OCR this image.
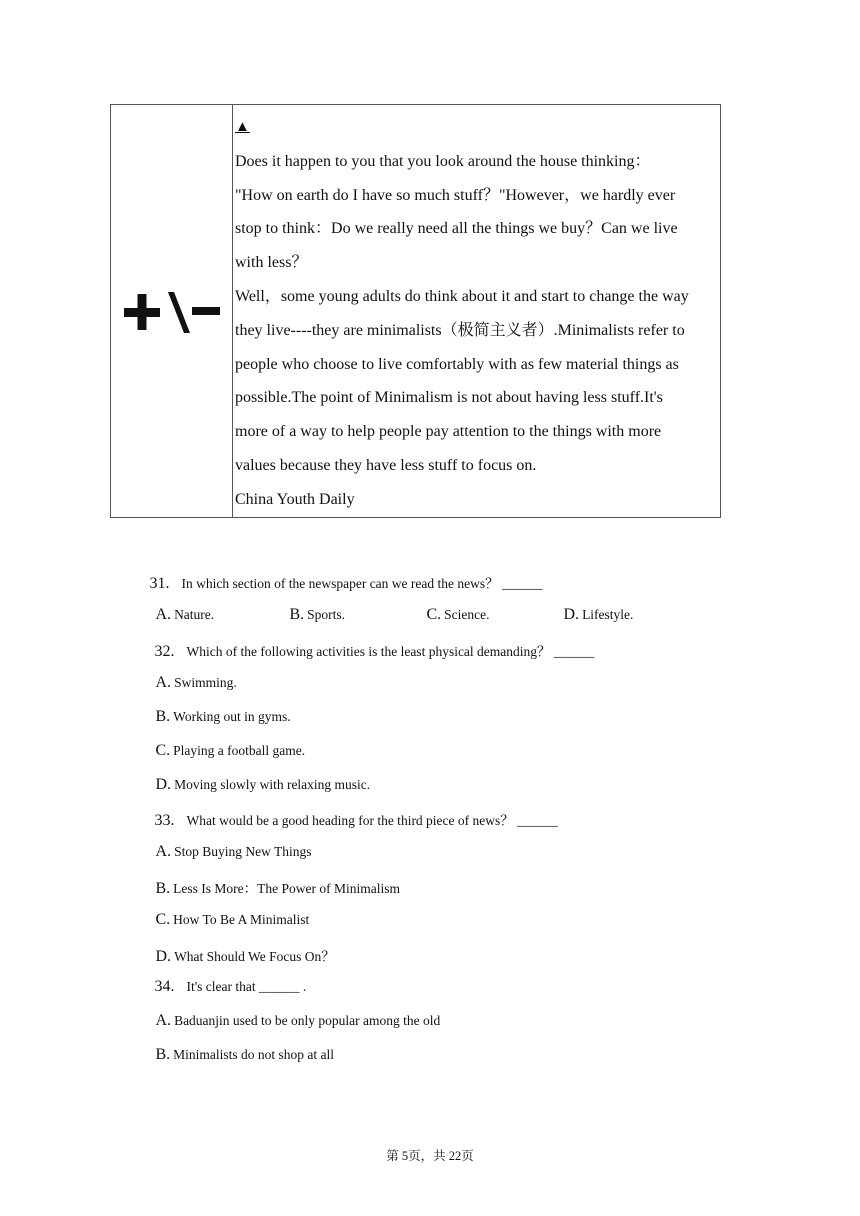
▲

Does it happen to you that you look around the house thinking：

"How on earth do I have so much stuff？"However，we hardly ever

stop to think：Do we really need all the things we buy？Can we live

with less？

Well，some young adults do think about it and start to change the way

they live----they are minimalists（极简主义者）.Minimalists refer to

people who choose to live comfortably with as few material things as

possible.The point of Minimalism is not about having less stuff.It's

more of a way to help people pay attention to the things with more

values because they have less stuff to focus on.

China Youth Daily

31. In which section of the newspaper can we read the news？ ______

A. Nature.
	B. Sports.
	C. Science.
	D. Lifestyle.

32. Which of the following activities is the least physical demanding？ ______

A. Swimming.

B. Working out in gyms.

C. Playing a football game.

D. Moving slowly with relaxing music.

33. What would be a good heading for the third piece of news？ ______

A. Stop Buying New Things

B. Less Is More：The Power of Minimalism

C. How To Be A Minimalist

D. What Should We Focus On？

34. It's clear that ______ .

A. Baduanjin used to be only popular among the old

B. Minimalists do not shop at all

第 5页，共 22页
